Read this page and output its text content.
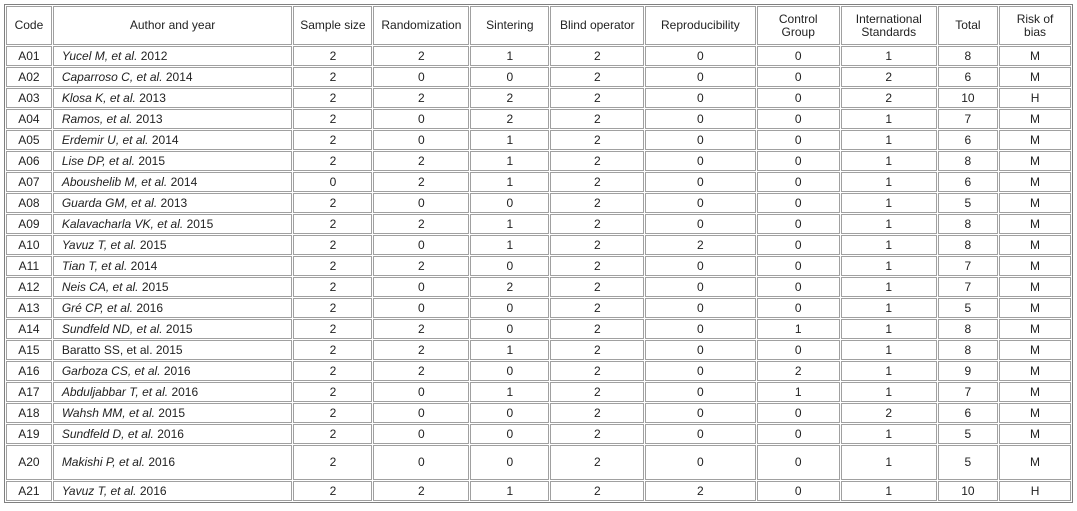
Code	Author and year	Sample size	Randomization	Sintering	Blind operator	Reproducibility	Control Group	International Standards	Total	Risk of bias
A01	Yucel M, et al. 2012	2	2	1	2	0	0	1	8	M
A02	Caparroso C, et al. 2014	2	0	0	2	0	0	2	6	M
A03	Klosa K, et al. 2013	2	2	2	2	0	0	2	10	H
A04	Ramos, et al. 2013	2	0	2	2	0	0	1	7	M
A05	Erdemir U, et al. 2014	2	0	1	2	0	0	1	6	M
A06	Lise DP, et al. 2015	2	2	1	2	0	0	1	8	M
A07	Aboushelib M, et al. 2014	0	2	1	2	0	0	1	6	M
A08	Guarda GM, et al. 2013	2	0	0	2	0	0	1	5	M
A09	Kalavacharla VK, et al. 2015	2	2	1	2	0	0	1	8	M
A10	Yavuz T, et al. 2015	2	0	1	2	2	0	1	8	M
A11	Tian T, et al. 2014	2	2	0	2	0	0	1	7	M
A12	Neis CA, et al. 2015	2	0	2	2	0	0	1	7	M
A13	Gré CP, et al. 2016	2	0	0	2	0	0	1	5	M
A14	Sundfeld ND, et al. 2015	2	2	0	2	0	1	1	8	M
A15	Baratto SS, et al. 2015	2	2	1	2	0	0	1	8	M
A16	Garboza CS, et al. 2016	2	2	0	2	0	2	1	9	M
A17	Abduljabbar T, et al. 2016	2	0	1	2	0	1	1	7	M
A18	Wahsh MM, et al. 2015	2	0	0	2	0	0	2	6	M
A19	Sundfeld D, et al. 2016	2	0	0	2	0	0	1	5	M
A20	Makishi P, et al. 2016	2	0	0	2	0	0	1	5	M
A21	Yavuz T, et al. 2016	2	2	1	2	2	0	1	10	H
